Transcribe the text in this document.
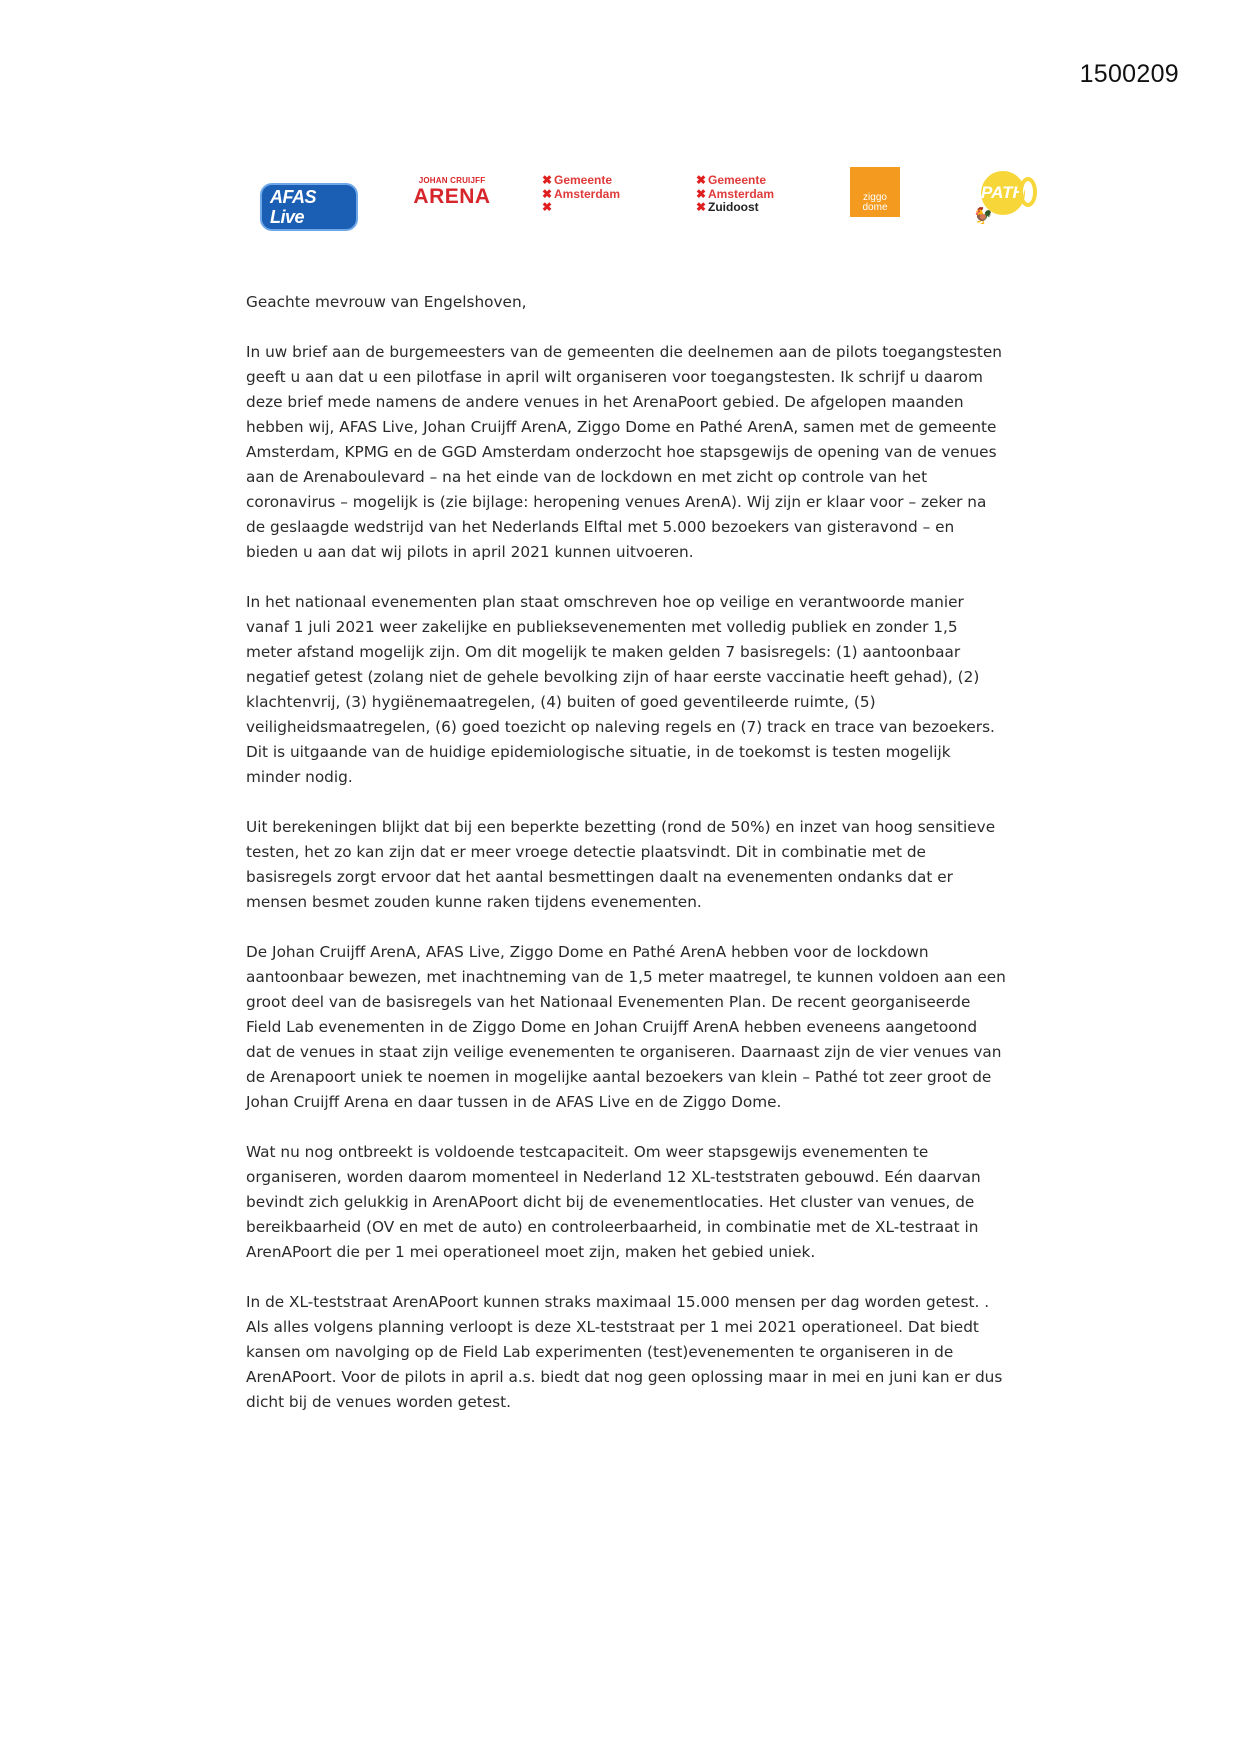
1500209
AFAS Live
JOHAN CRUIJFF
ARENA
✖ Gemeente
✖ Amsterdam
✖
✖ Gemeente
✖ Amsterdam
✖ Zuidoost
ziggo
dome
PATHÉ
🐓

Geachte mevrouw van Engelshoven,

In uw brief aan de burgemeesters van de gemeenten die deelnemen aan de pilots toegangstesten geeft u aan dat u een pilotfase in april wilt organiseren voor toegangstesten. Ik schrijf u daarom deze brief mede namens de andere venues in het ArenaPoort gebied. De afgelopen maanden hebben wij, AFAS Live, Johan Cruijff ArenA, Ziggo Dome en Pathé ArenA, samen met de gemeente Amsterdam, KPMG en de GGD Amsterdam onderzocht hoe stapsgewijs de opening van de venues aan de Arenaboulevard – na het einde van de lockdown en met zicht op controle van het coronavirus – mogelijk is (zie bijlage: heropening venues ArenA). Wij zijn er klaar voor – zeker na de geslaagde wedstrijd van het Nederlands Elftal met 5.000 bezoekers van gisteravond – en bieden u aan dat wij pilots in april 2021 kunnen uitvoeren.

In het nationaal evenementen plan staat omschreven hoe op veilige en verantwoorde manier vanaf 1 juli 2021 weer zakelijke en publieksevenementen met volledig publiek en zonder 1,5 meter afstand mogelijk zijn. Om dit mogelijk te maken gelden 7 basisregels: (1) aantoonbaar negatief getest (zolang niet de gehele bevolking zijn of haar eerste vaccinatie heeft gehad), (2) klachtenvrij, (3) hygiënemaatregelen, (4) buiten of goed geventileerde ruimte, (5) veiligheidsmaatregelen, (6) goed toezicht op naleving regels en (7) track en trace van bezoekers. Dit is uitgaande van de huidige epidemiologische situatie, in de toekomst is testen mogelijk minder nodig.

Uit berekeningen blijkt dat bij een beperkte bezetting (rond de 50%) en inzet van hoog sensitieve testen, het zo kan zijn dat er meer vroege detectie plaatsvindt. Dit in combinatie met de basisregels zorgt ervoor dat het aantal besmettingen daalt na evenementen ondanks dat er mensen besmet zouden kunne raken tijdens evenementen.

De Johan Cruijff ArenA, AFAS Live, Ziggo Dome en Pathé ArenA hebben voor de lockdown aantoonbaar bewezen, met inachtneming van de 1,5 meter maatregel, te kunnen voldoen aan een groot deel van de basisregels van het Nationaal Evenementen Plan. De recent georganiseerde Field Lab evenementen in de Ziggo Dome en Johan Cruijff ArenA hebben eveneens aangetoond dat de venues in staat zijn veilige evenementen te organiseren. Daarnaast zijn de vier venues van de Arenapoort uniek te noemen in mogelijke aantal bezoekers van klein – Pathé tot zeer groot de Johan Cruijff Arena en daar tussen in de AFAS Live en de Ziggo Dome.

Wat nu nog ontbreekt is voldoende testcapaciteit. Om weer stapsgewijs evenementen te organiseren, worden daarom momenteel in Nederland 12 XL-teststraten gebouwd. Eén daarvan bevindt zich gelukkig in ArenAPoort dicht bij de evenementlocaties. Het cluster van venues, de bereikbaarheid (OV en met de auto) en controleerbaarheid, in combinatie met de XL-testraat in ArenAPoort die per 1 mei operationeel moet zijn, maken het gebied uniek.

In de XL-teststraat ArenAPoort kunnen straks maximaal 15.000 mensen per dag worden getest. . Als alles volgens planning verloopt is deze XL-teststraat per 1 mei 2021 operationeel. Dat biedt kansen om navolging op de Field Lab experimenten (test)evenementen te organiseren in de ArenAPoort. Voor de pilots in april a.s. biedt dat nog geen oplossing maar in mei en juni kan er dus dicht bij de venues worden getest.
